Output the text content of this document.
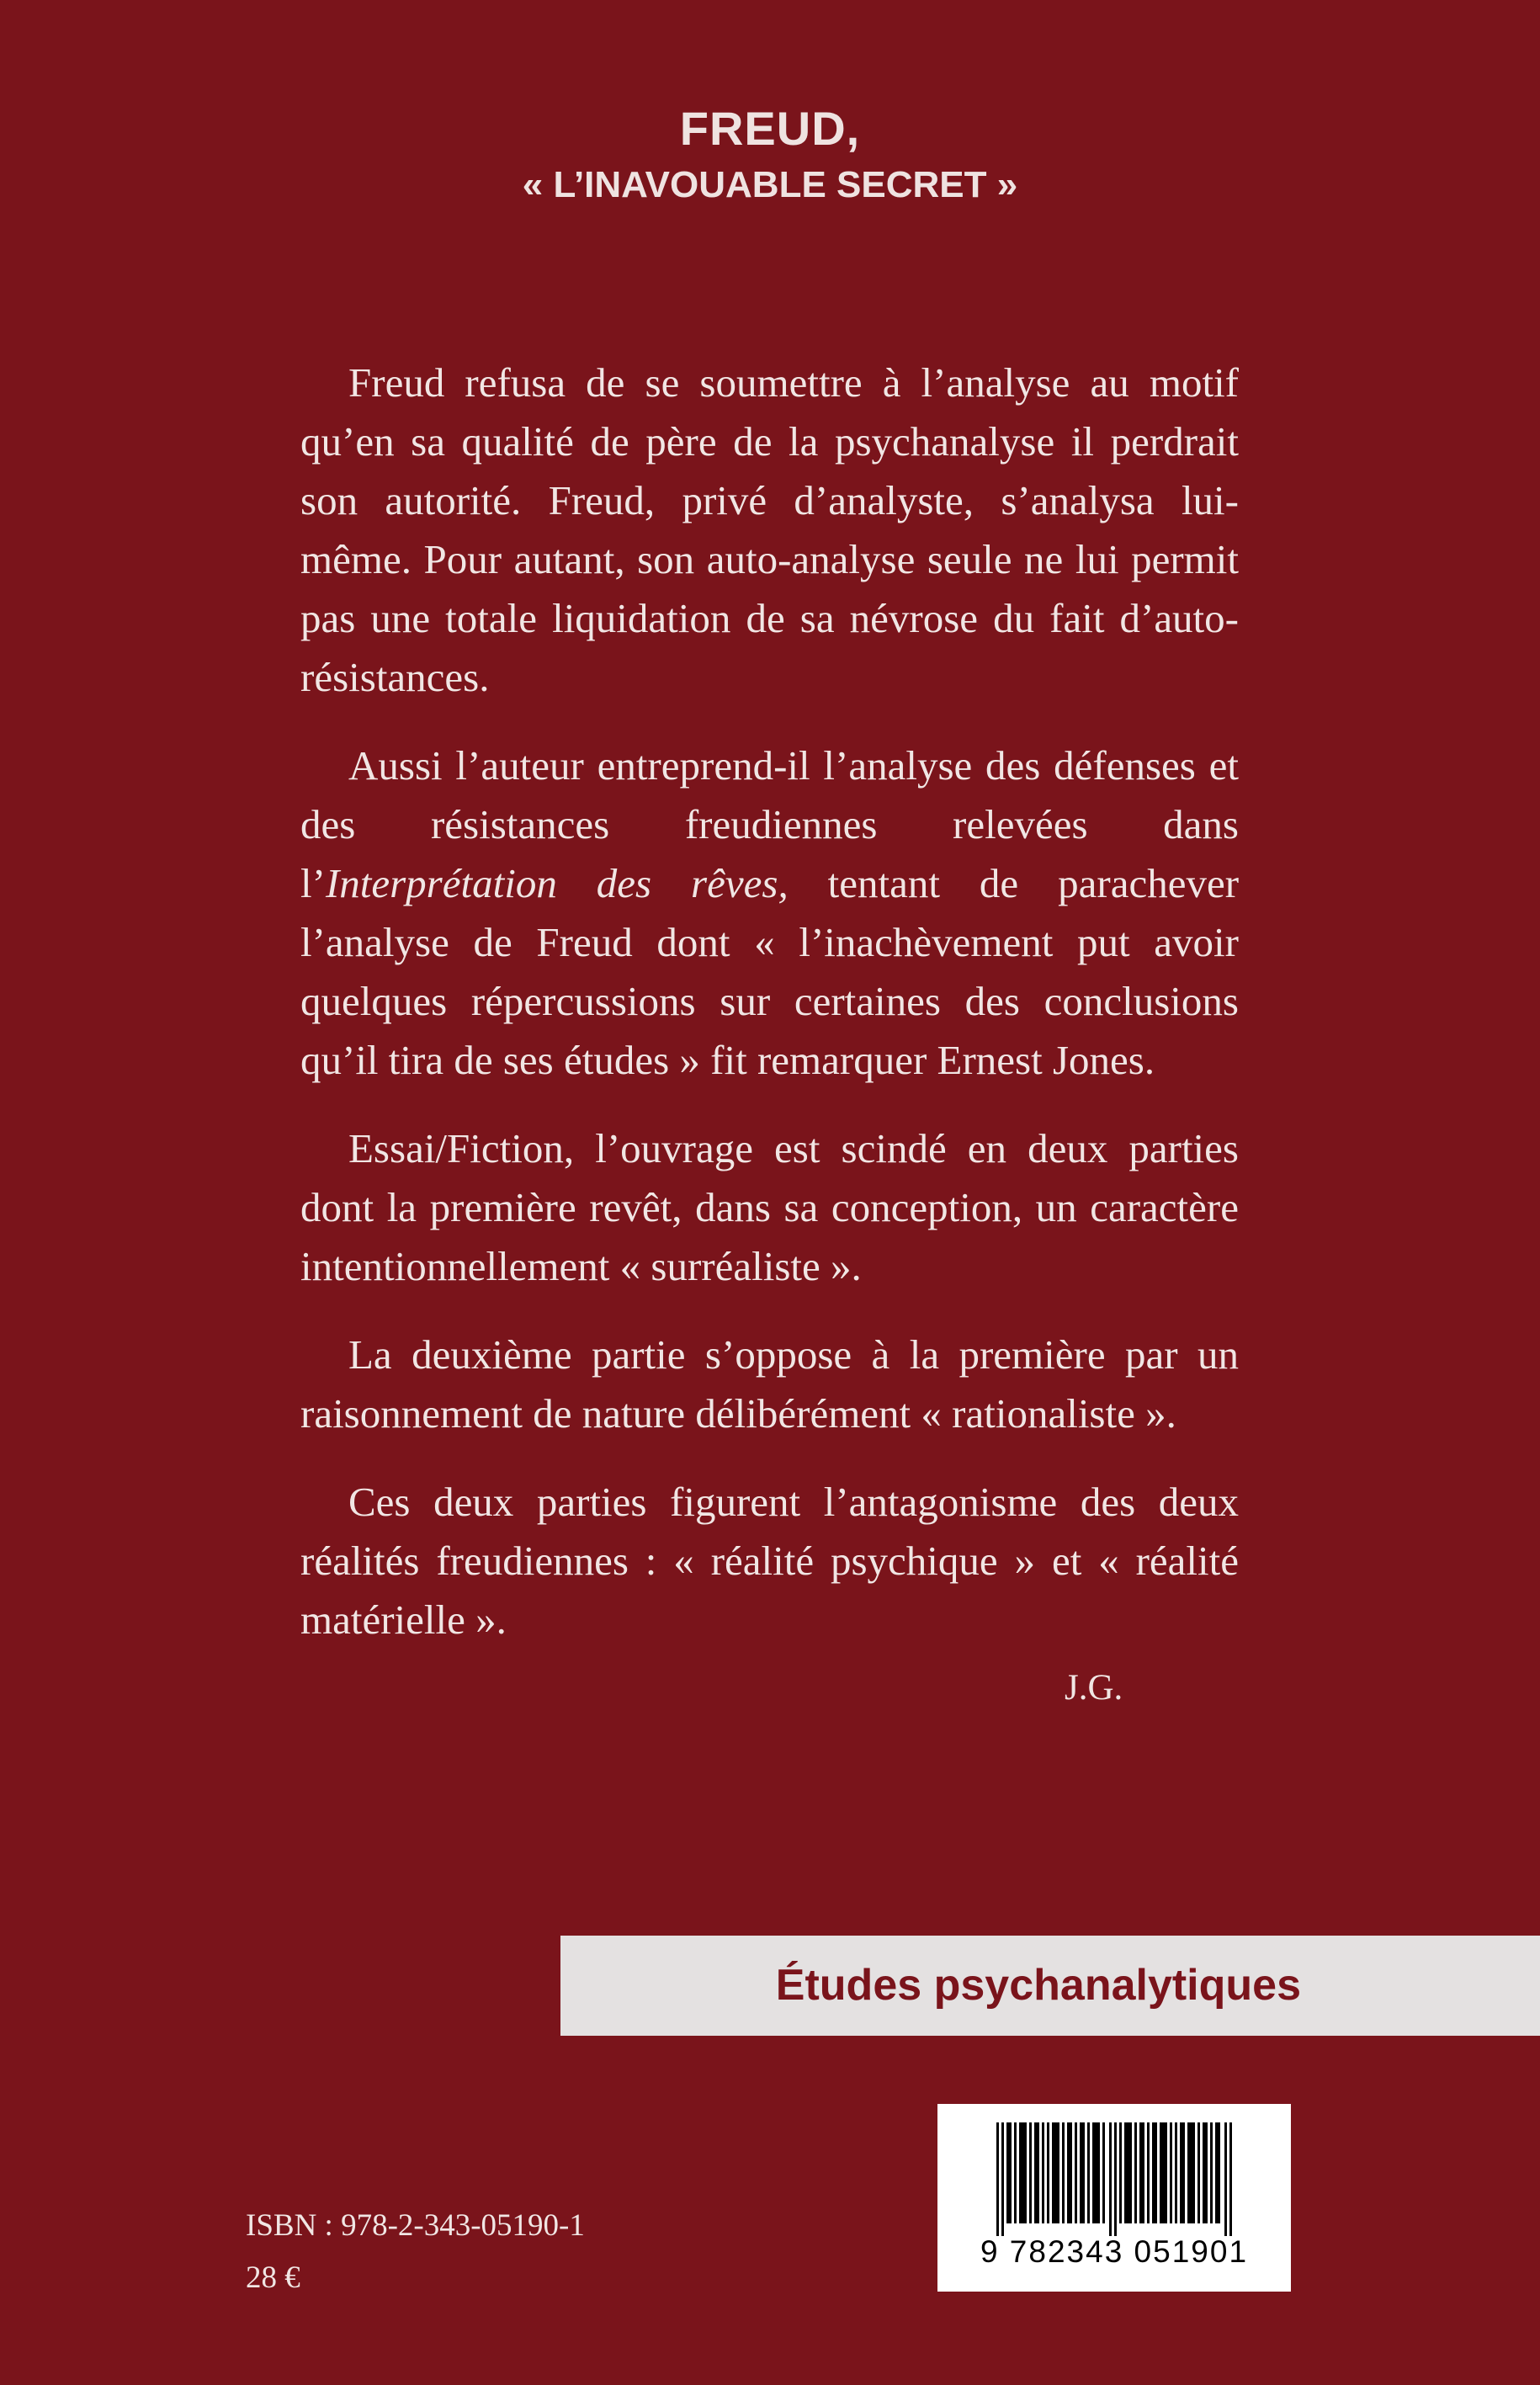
FREUD,
« L’INAVOUABLE SECRET »

Freud refusa de se soumettre à l’analyse au motif qu’en sa qualité de père de la psychanalyse il perdrait son autorité. Freud, privé d’analyste, s’analysa lui-même. Pour autant, son auto-analyse seule ne lui permit pas une totale liquidation de sa névrose du fait d’auto-résistances.

Aussi l’auteur entreprend-il l’analyse des défenses et des résistances freudiennes relevées dans l’Interprétation des rêves, tentant de parachever l’analyse de Freud dont « l’inachèvement put avoir quelques répercussions sur certaines des conclusions qu’il tira de ses études » fit remarquer Ernest Jones.

Essai/Fiction, l’ouvrage est scindé en deux parties dont la première revêt, dans sa conception, un caractère intentionnellement « surréaliste ».

La deuxième partie s’oppose à la première par un raisonnement de nature délibérément « rationaliste ».

Ces deux parties figurent l’antagonisme des deux réalités freudiennes : « réalité psychique » et « réalité matérielle ».

J.G.
Études psychanalytiques
9 782343 051901
ISBN : 978-2-343-05190-1
28 €
